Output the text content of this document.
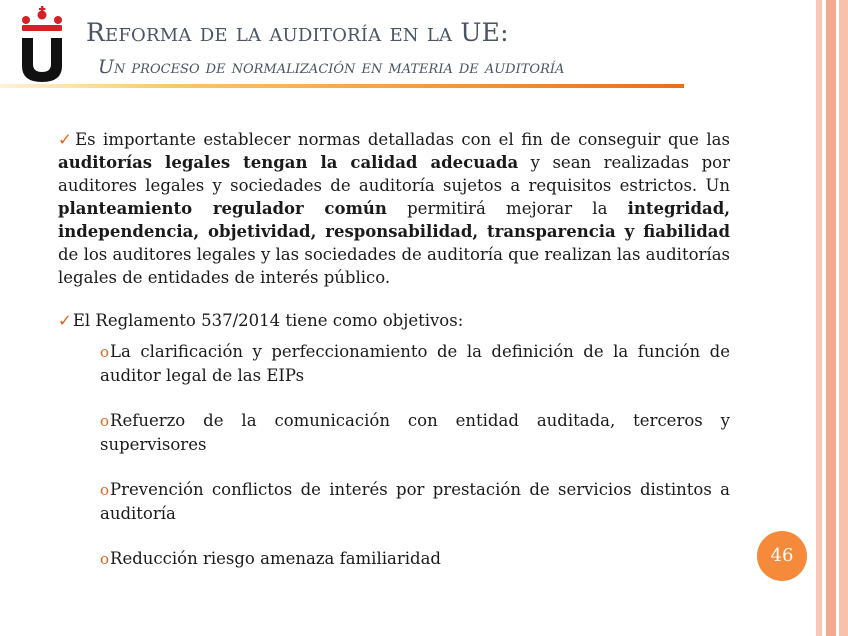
Reforma de la auditoría en la UE:
Un proceso de normalización en materia de auditoría

✓Es importante establecer normas detalladas con el fin de conseguir que las auditorías legales tengan la calidad adecuada y sean realizadas por auditores legales y sociedades de auditoría sujetos a requisitos estrictos. Un planteamiento regulador común permitirá mejorar la integridad, independencia, objetividad, responsabilidad, transparencia y fiabilidad de los auditores legales y las sociedades de auditoría que realizan las auditorías legales de entidades de interés público.

✓El Reglamento 537/2014 tiene como objetivos:

oLa clarificación y perfeccionamiento de la definición de la función de auditor legal de las EIPs

oRefuerzo de la comunicación con entidad auditada, terceros y supervisores

oPrevención conflictos de interés por prestación de servicios distintos a auditoría

oReducción riesgo amenaza familiaridad	46
